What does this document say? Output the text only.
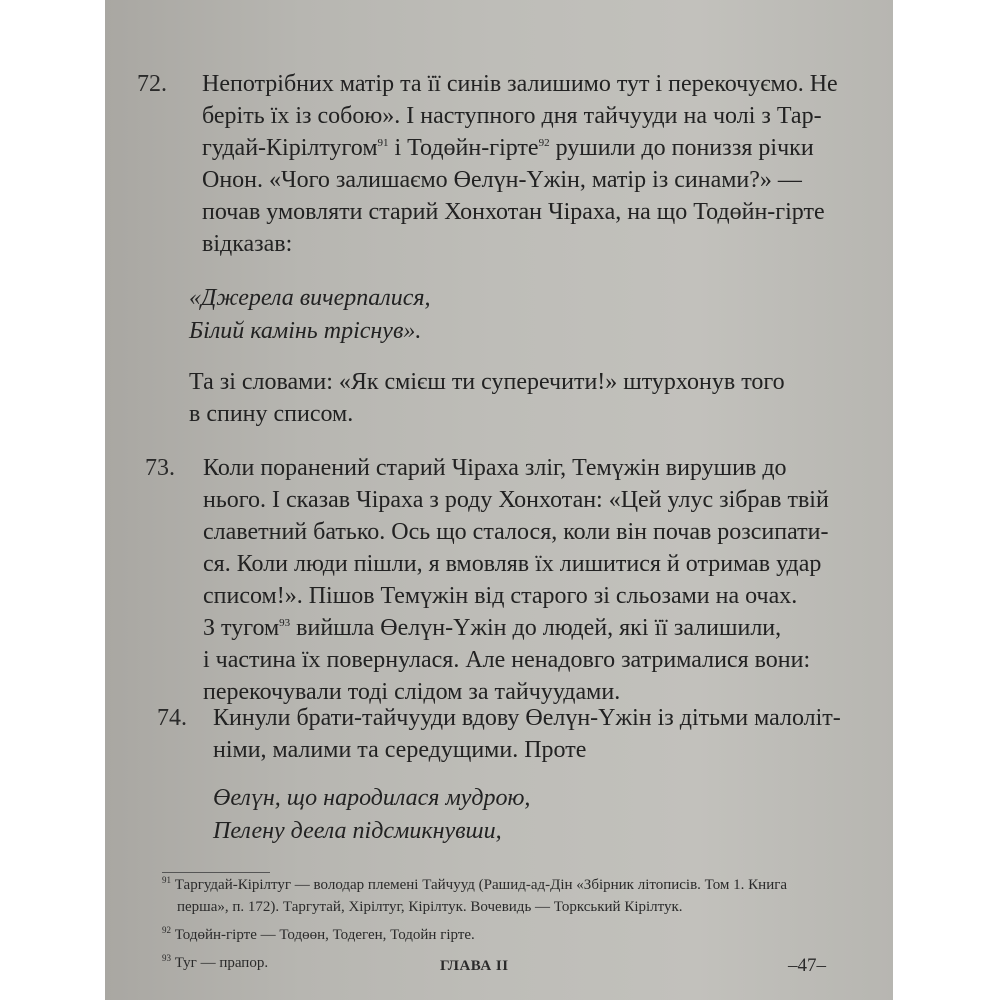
72. Непотрібних матір та її синів залишимо тут і перекочуємо. Не
беріть їх із собою». І наступного дня тайчууди на чолі з Тар-
гудай-Кірілтугом$^{91}$ і Тодөйн-гірте$^{92}$ рушили до пониззя річки
Онон. «Чого залишаємо Өелүн-Үжін, матір із синами?» —
почав умовляти старий Хонхотан Чіраха, на що Тодөйн-гірте
відказав:
«Джерела вичерпалися,
Білий камінь тріснув».
Та зі словами: «Як смієш ти суперечити!» штурхонув того
в спину списом.
73. Коли поранений старий Чіраха зліг, Темүжін вирушив до
нього. І сказав Чіраха з роду Хонхотан: «Цей улус зібрав твій
славетний батько. Ось що сталося, коли він почав розсипати-
ся. Коли люди пішли, я вмовляв їх лишитися й отримав удар
списом!». Пішов Темүжін від старого зі сльозами на очах.
З тугом$^{93}$ вийшла Өелүн-Үжін до людей, які її залишили,
і частина їх повернулася. Але ненадовго затрималися вони:
перекочували тоді слідом за тайчуудами.
74. Кинули брати-тайчууди вдову Өелүн-Үжін із дітьми малоліт-
німи, малими та середущими. Проте
Өелүн, що народилася мудрою,
Пелену деела підсмикнувши,
$^{91}$ Таргудай-Кірілтуг — володар племені Тайчууд (Рашид-ад-Дін «Збірник літописів. Том 1. Книга
перша», п. 172). Таргутай, Хірілтуг, Кірілтук. Вочевидь — Торкський Кірілтук.
$^{92}$ Тодөйн-гірте — Тодөөн, Тодеген, Тодойн гірте.
$^{93}$ Туг — прапор.	ГЛАВА II	–47–
